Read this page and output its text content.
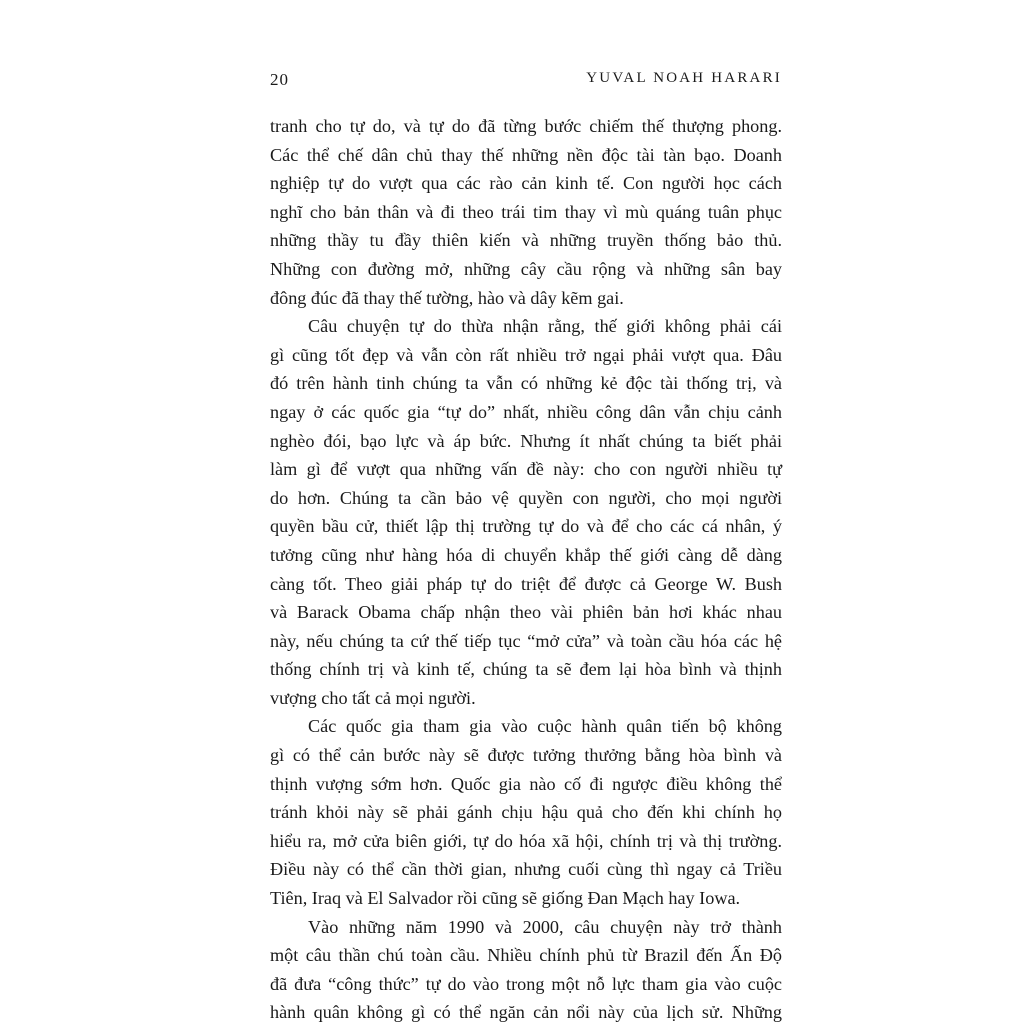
20	YUVAL NOAH HARARI
tranh cho tự do, và tự do đã từng bước chiếm thế thượng phong.
Các thể chế dân chủ thay thế những nền độc tài tàn bạo. Doanh
nghiệp tự do vượt qua các rào cản kinh tế. Con người học cách
nghĩ cho bản thân và đi theo trái tim thay vì mù quáng tuân phục
những thầy tu đầy thiên kiến và những truyền thống bảo thủ.
Những con đường mở, những cây cầu rộng và những sân bay
đông đúc đã thay thế tường, hào và dây kẽm gai.
Câu chuyện tự do thừa nhận rằng, thế giới không phải cái
gì cũng tốt đẹp và vẫn còn rất nhiều trở ngại phải vượt qua. Đâu
đó trên hành tinh chúng ta vẫn có những kẻ độc tài thống trị, và
ngay ở các quốc gia “tự do” nhất, nhiều công dân vẫn chịu cảnh
nghèo đói, bạo lực và áp bức. Nhưng ít nhất chúng ta biết phải
làm gì để vượt qua những vấn đề này: cho con người nhiều tự
do hơn. Chúng ta cần bảo vệ quyền con người, cho mọi người
quyền bầu cử, thiết lập thị trường tự do và để cho các cá nhân, ý
tưởng cũng như hàng hóa di chuyển khắp thế giới càng dễ dàng
càng tốt. Theo giải pháp tự do triệt để được cả George W. Bush
và Barack Obama chấp nhận theo vài phiên bản hơi khác nhau
này, nếu chúng ta cứ thế tiếp tục “mở cửa” và toàn cầu hóa các hệ
thống chính trị và kinh tế, chúng ta sẽ đem lại hòa bình và thịnh
vượng cho tất cả mọi người.
Các quốc gia tham gia vào cuộc hành quân tiến bộ không
gì có thể cản bước này sẽ được tưởng thưởng bằng hòa bình và
thịnh vượng sớm hơn. Quốc gia nào cố đi ngược điều không thể
tránh khỏi này sẽ phải gánh chịu hậu quả cho đến khi chính họ
hiểu ra, mở cửa biên giới, tự do hóa xã hội, chính trị và thị trường.
Điều này có thể cần thời gian, nhưng cuối cùng thì ngay cả Triều
Tiên, Iraq và El Salvador rồi cũng sẽ giống Đan Mạch hay Iowa.
Vào những năm 1990 và 2000, câu chuyện này trở thành
một câu thần chú toàn cầu. Nhiều chính phủ từ Brazil đến Ấn Độ
đã đưa “công thức” tự do vào trong một nỗ lực tham gia vào cuộc
hành quân không gì có thể ngăn cản nổi này của lịch sử. Những
